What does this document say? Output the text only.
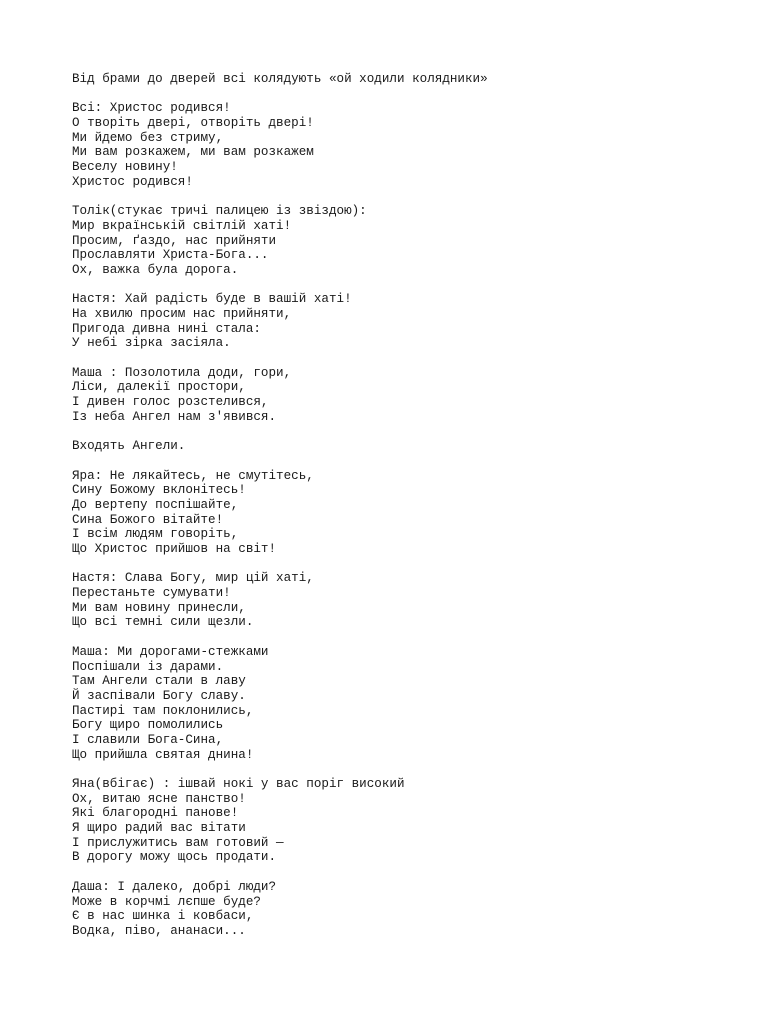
Від брами до дверей всі колядують «ой ходили колядники»
Всі: Христос родився!
О творіть двері, отворіть двері!
Ми йдемо без стриму,
Ми вам розкажем, ми вам розкажем
Веселу новину!
Христос родився!
Толік(стукає тричі палицею із звіздою):
Мир вкраїнській світлій хаті!
Просим, ґаздо, нас прийняти
Прославляти Христа-Бога...
Ох, важка була дорога.
Настя: Хай радість буде в вашій хаті!
На хвилю просим нас прийняти,
Пригода дивна нині стала:
У небі зірка засіяла.
Маша : Позолотила доди, гори,
Ліси, далекії простори,
І дивен голос розстелився,
Із неба Ангел нам з'явився.
Входять Ангели.
Яра: Не лякайтесь, не смутітесь,
Сину Божому вклонітесь!
До вертепу поспішайте,
Сина Божого вітайте!
І всім людям говоріть,
Що Христос прийшов на світ!
Настя: Слава Богу, мир цій хаті,
Перестаньте сумувати!
Ми вам новину принесли,
Що всі темні сили щезли.
Маша: Ми дорогами-стежками
Поспішали із дарами.
Там Ангели стали в лаву
Й заспівали Богу славу.
Пастирі там поклонились,
Богу щиро помолились
І славили Бога-Сина,
Що прийшла святая днина!
Яна(вбігає) : ішвай нокі у вас поріг високий
Ох, витаю ясне панство!
Які благородні панове!
Я щиро радий вас вітати
І прислужитись вам готовий —
В дорогу можу щось продати.
Даша: І далеко, добрі люди?
Може в корчмі лєпше буде?
Є в нас шинка і ковбаси,
Водка, піво, ананаси...
